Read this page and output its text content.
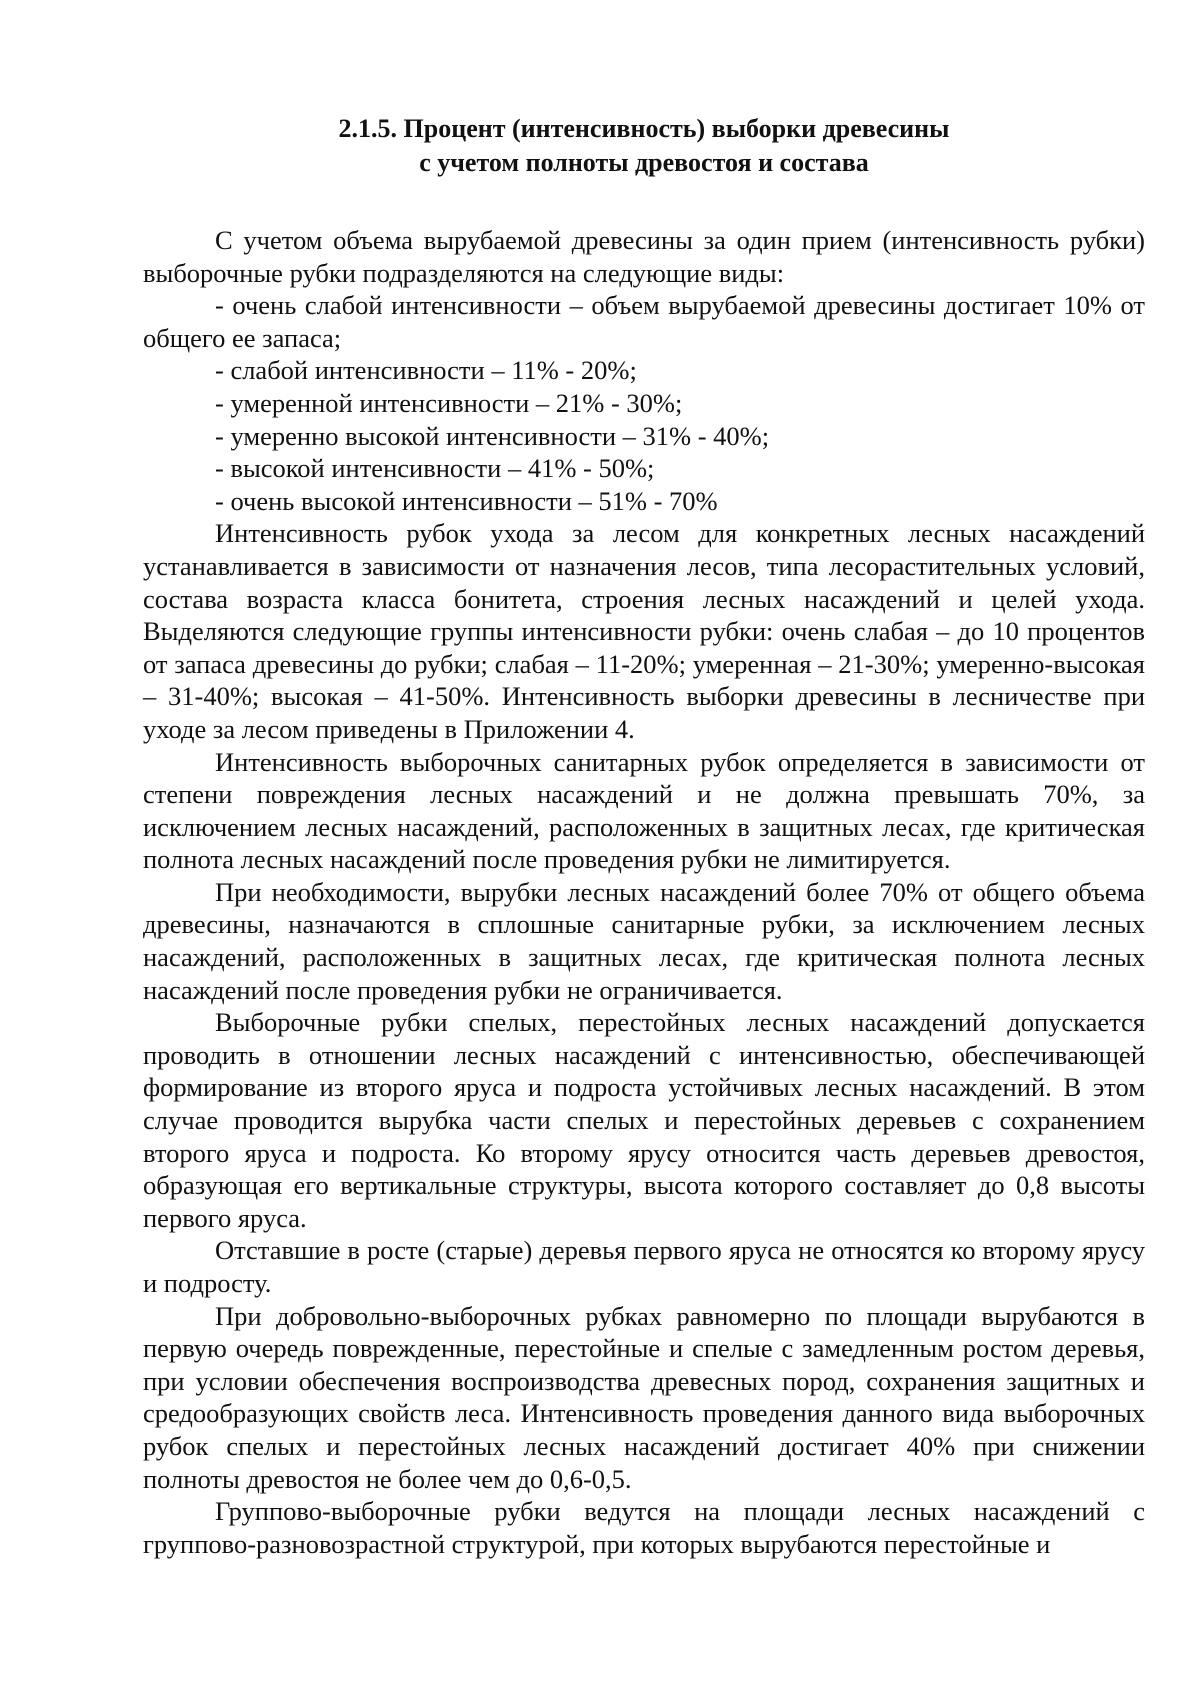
2.1.5. Процент (интенсивность) выборки древесины
с учетом полноты древостоя и состава

С учетом объема вырубаемой древесины за один прием (интенсивность рубки) выборочные рубки подразделяются на следующие виды:

- очень слабой интенсивности – объем вырубаемой древесины достигает 10% от общего ее запаса;

- слабой интенсивности – 11% - 20%;

- умеренной интенсивности – 21% - 30%;

- умеренно высокой интенсивности – 31% - 40%;

- высокой интенсивности – 41% - 50%;

- очень высокой интенсивности – 51% - 70%

Интенсивность рубок ухода за лесом для конкретных лесных насаждений устанавливается в зависимости от назначения лесов, типа лесорастительных условий, состава возраста класса бонитета, строения лесных насаждений и целей ухода. Выделяются следующие группы интенсивности рубки: очень слабая – до 10 процентов от запаса древесины до рубки; слабая – 11-20%; умеренная – 21-30%; умеренно-высокая – 31-40%; высокая – 41-50%. Интенсивность выборки древесины в лесничестве при уходе за лесом приведены в Приложении 4.

Интенсивность выборочных санитарных рубок определяется в зависимости от степени повреждения лесных насаждений и не должна превышать 70%, за исключением лесных насаждений, расположенных в защитных лесах, где критическая полнота лесных насаждений после проведения рубки не лимитируется.

При необходимости, вырубки лесных насаждений более 70% от общего объема древесины, назначаются в сплошные санитарные рубки, за исключением лесных насаждений, расположенных в защитных лесах, где критическая полнота лесных насаждений после проведения рубки не ограничивается.

Выборочные рубки спелых, перестойных лесных насаждений допускается проводить в отношении лесных насаждений с интенсивностью, обеспечивающей формирование из второго яруса и подроста устойчивых лесных насаждений. В этом случае проводится вырубка части спелых и перестойных деревьев с сохранением второго яруса и подроста. Ко второму ярусу относится часть деревьев древостоя, образующая его вертикальные структуры, высота которого составляет до 0,8 высоты первого яруса.

Отставшие в росте (старые) деревья первого яруса не относятся ко второму ярусу и подросту.

При добровольно-выборочных рубках равномерно по площади вырубаются в первую очередь поврежденные, перестойные и спелые с замедленным ростом деревья, при условии обеспечения воспроизводства древесных пород, сохранения защитных и средообразующих свойств леса. Интенсивность проведения данного вида выборочных рубок спелых и перестойных лесных насаждений достигает 40% при снижении полноты древостоя не более чем до 0,6-0,5.

Группово-выборочные рубки ведутся на площади лесных насаждений с группово-разновозрастной структурой, при которых вырубаются перестойные и
